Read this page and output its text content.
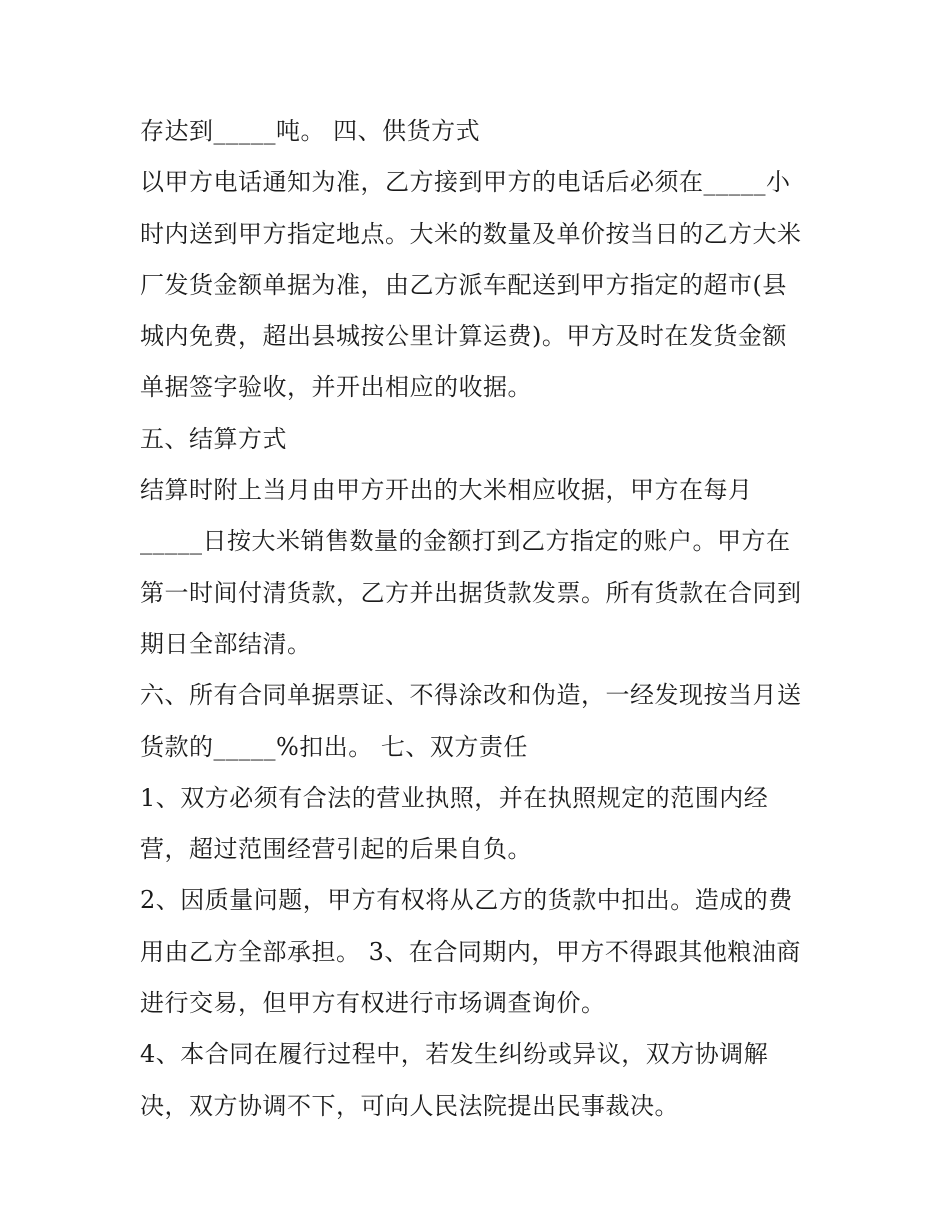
存达到_____吨。 四、供货方式
以甲方电话通知为准，乙方接到甲方的电话后必须在_____小
时内送到甲方指定地点。大米的数量及单价按当日的乙方大米
厂发货金额单据为准，由乙方派车配送到甲方指定的超市(县
城内免费，超出县城按公里计算运费)。甲方及时在发货金额
单据签字验收，并开出相应的收据。
五、结算方式
结算时附上当月由甲方开出的大米相应收据，甲方在每月
_____日按大米销售数量的金额打到乙方指定的账户。甲方在
第一时间付清货款，乙方并出据货款发票。所有货款在合同到
期日全部结清。
六、所有合同单据票证、不得涂改和伪造，一经发现按当月送
货款的_____%扣出。 七、双方责任
1、双方必须有合法的营业执照，并在执照规定的范围内经
营，超过范围经营引起的后果自负。
2、因质量问题，甲方有权将从乙方的货款中扣出。造成的费
用由乙方全部承担。 3、在合同期内，甲方不得跟其他粮油商
进行交易，但甲方有权进行市场调查询价。
4、本合同在履行过程中，若发生纠纷或异议，双方协调解
决，双方协调不下，可向人民法院提出民事裁决。
